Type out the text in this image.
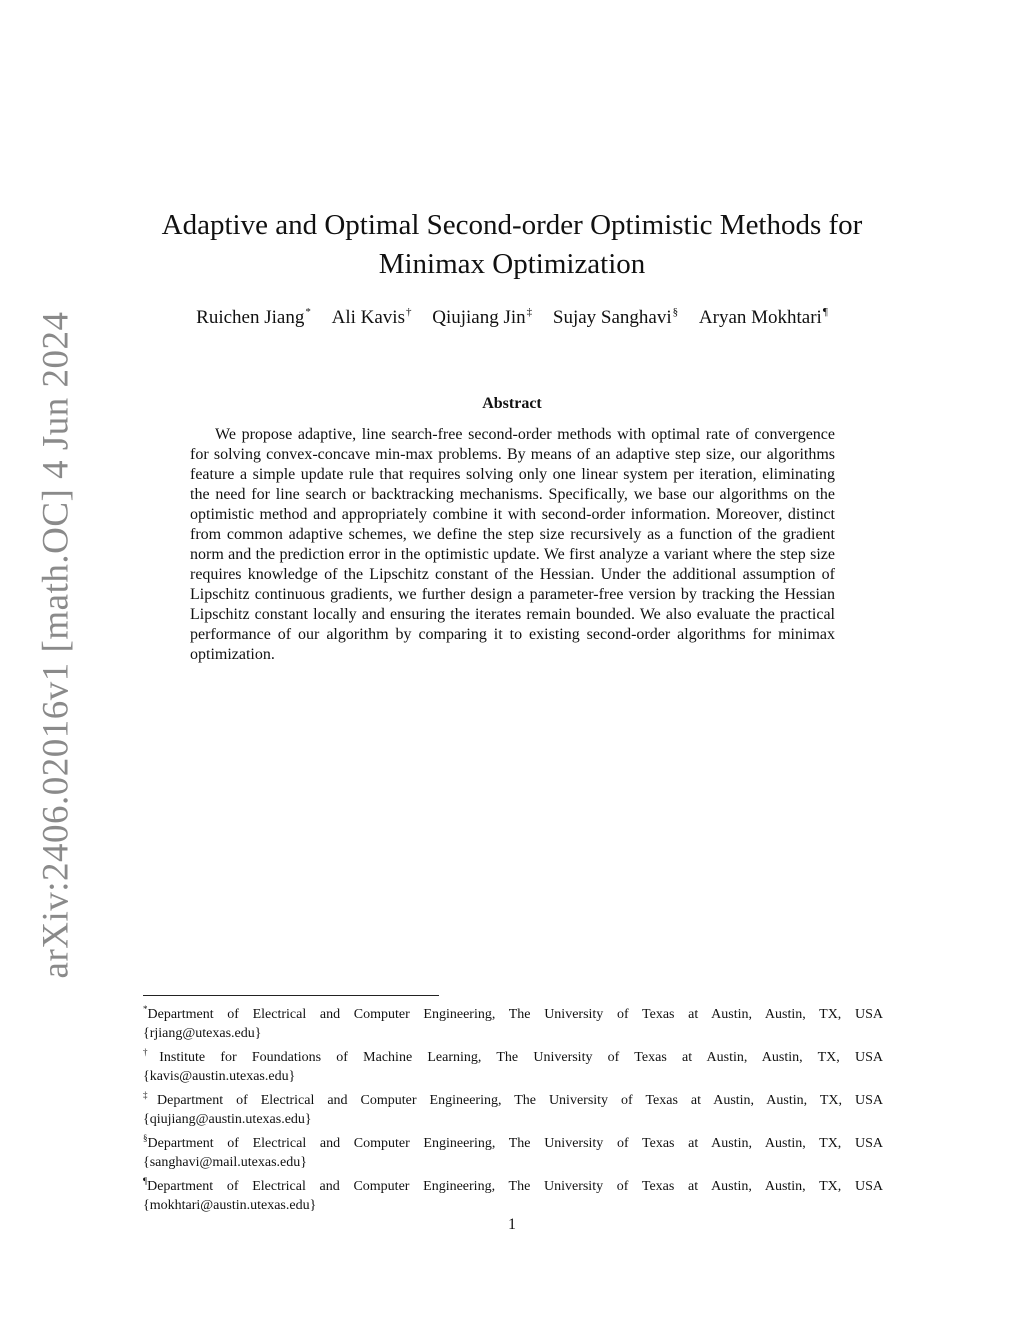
arXiv:2406.02016v1 [math.OC] 4 Jun 2024
Adaptive and Optimal Second-order Optimistic Methods for Minimax Optimization
Ruichen Jiang* Ali Kavis† Qiujiang Jin‡ Sujay Sanghavi§ Aryan Mokhtari¶
Abstract
We propose adaptive, line search-free second-order methods with optimal rate of convergence for solving convex-concave min-max problems. By means of an adaptive step size, our algorithms feature a simple update rule that requires solving only one linear system per iteration, eliminating the need for line search or backtracking mechanisms. Specifically, we base our algorithms on the optimistic method and appropriately combine it with second-order information. Moreover, distinct from common adaptive schemes, we define the step size recursively as a function of the gradient norm and the prediction error in the optimistic update. We first analyze a variant where the step size requires knowledge of the Lipschitz constant of the Hessian. Under the additional assumption of Lipschitz continuous gradients, we further design a parameter-free version by tracking the Hessian Lipschitz constant locally and ensuring the iterates remain bounded. We also evaluate the practical performance of our algorithm by comparing it to existing second-order algorithms for minimax optimization.
*Department of Electrical and Computer Engineering, The University of Texas at Austin, Austin, TX, USA
{rjiang@utexas.edu}
†Institute for Foundations of Machine Learning, The University of Texas at Austin, Austin, TX, USA
{kavis@austin.utexas.edu}
‡Department of Electrical and Computer Engineering, The University of Texas at Austin, Austin, TX, USA
{qiujiang@austin.utexas.edu}
§Department of Electrical and Computer Engineering, The University of Texas at Austin, Austin, TX, USA
{sanghavi@mail.utexas.edu}
¶Department of Electrical and Computer Engineering, The University of Texas at Austin, Austin, TX, USA
{mokhtari@austin.utexas.edu}
1
